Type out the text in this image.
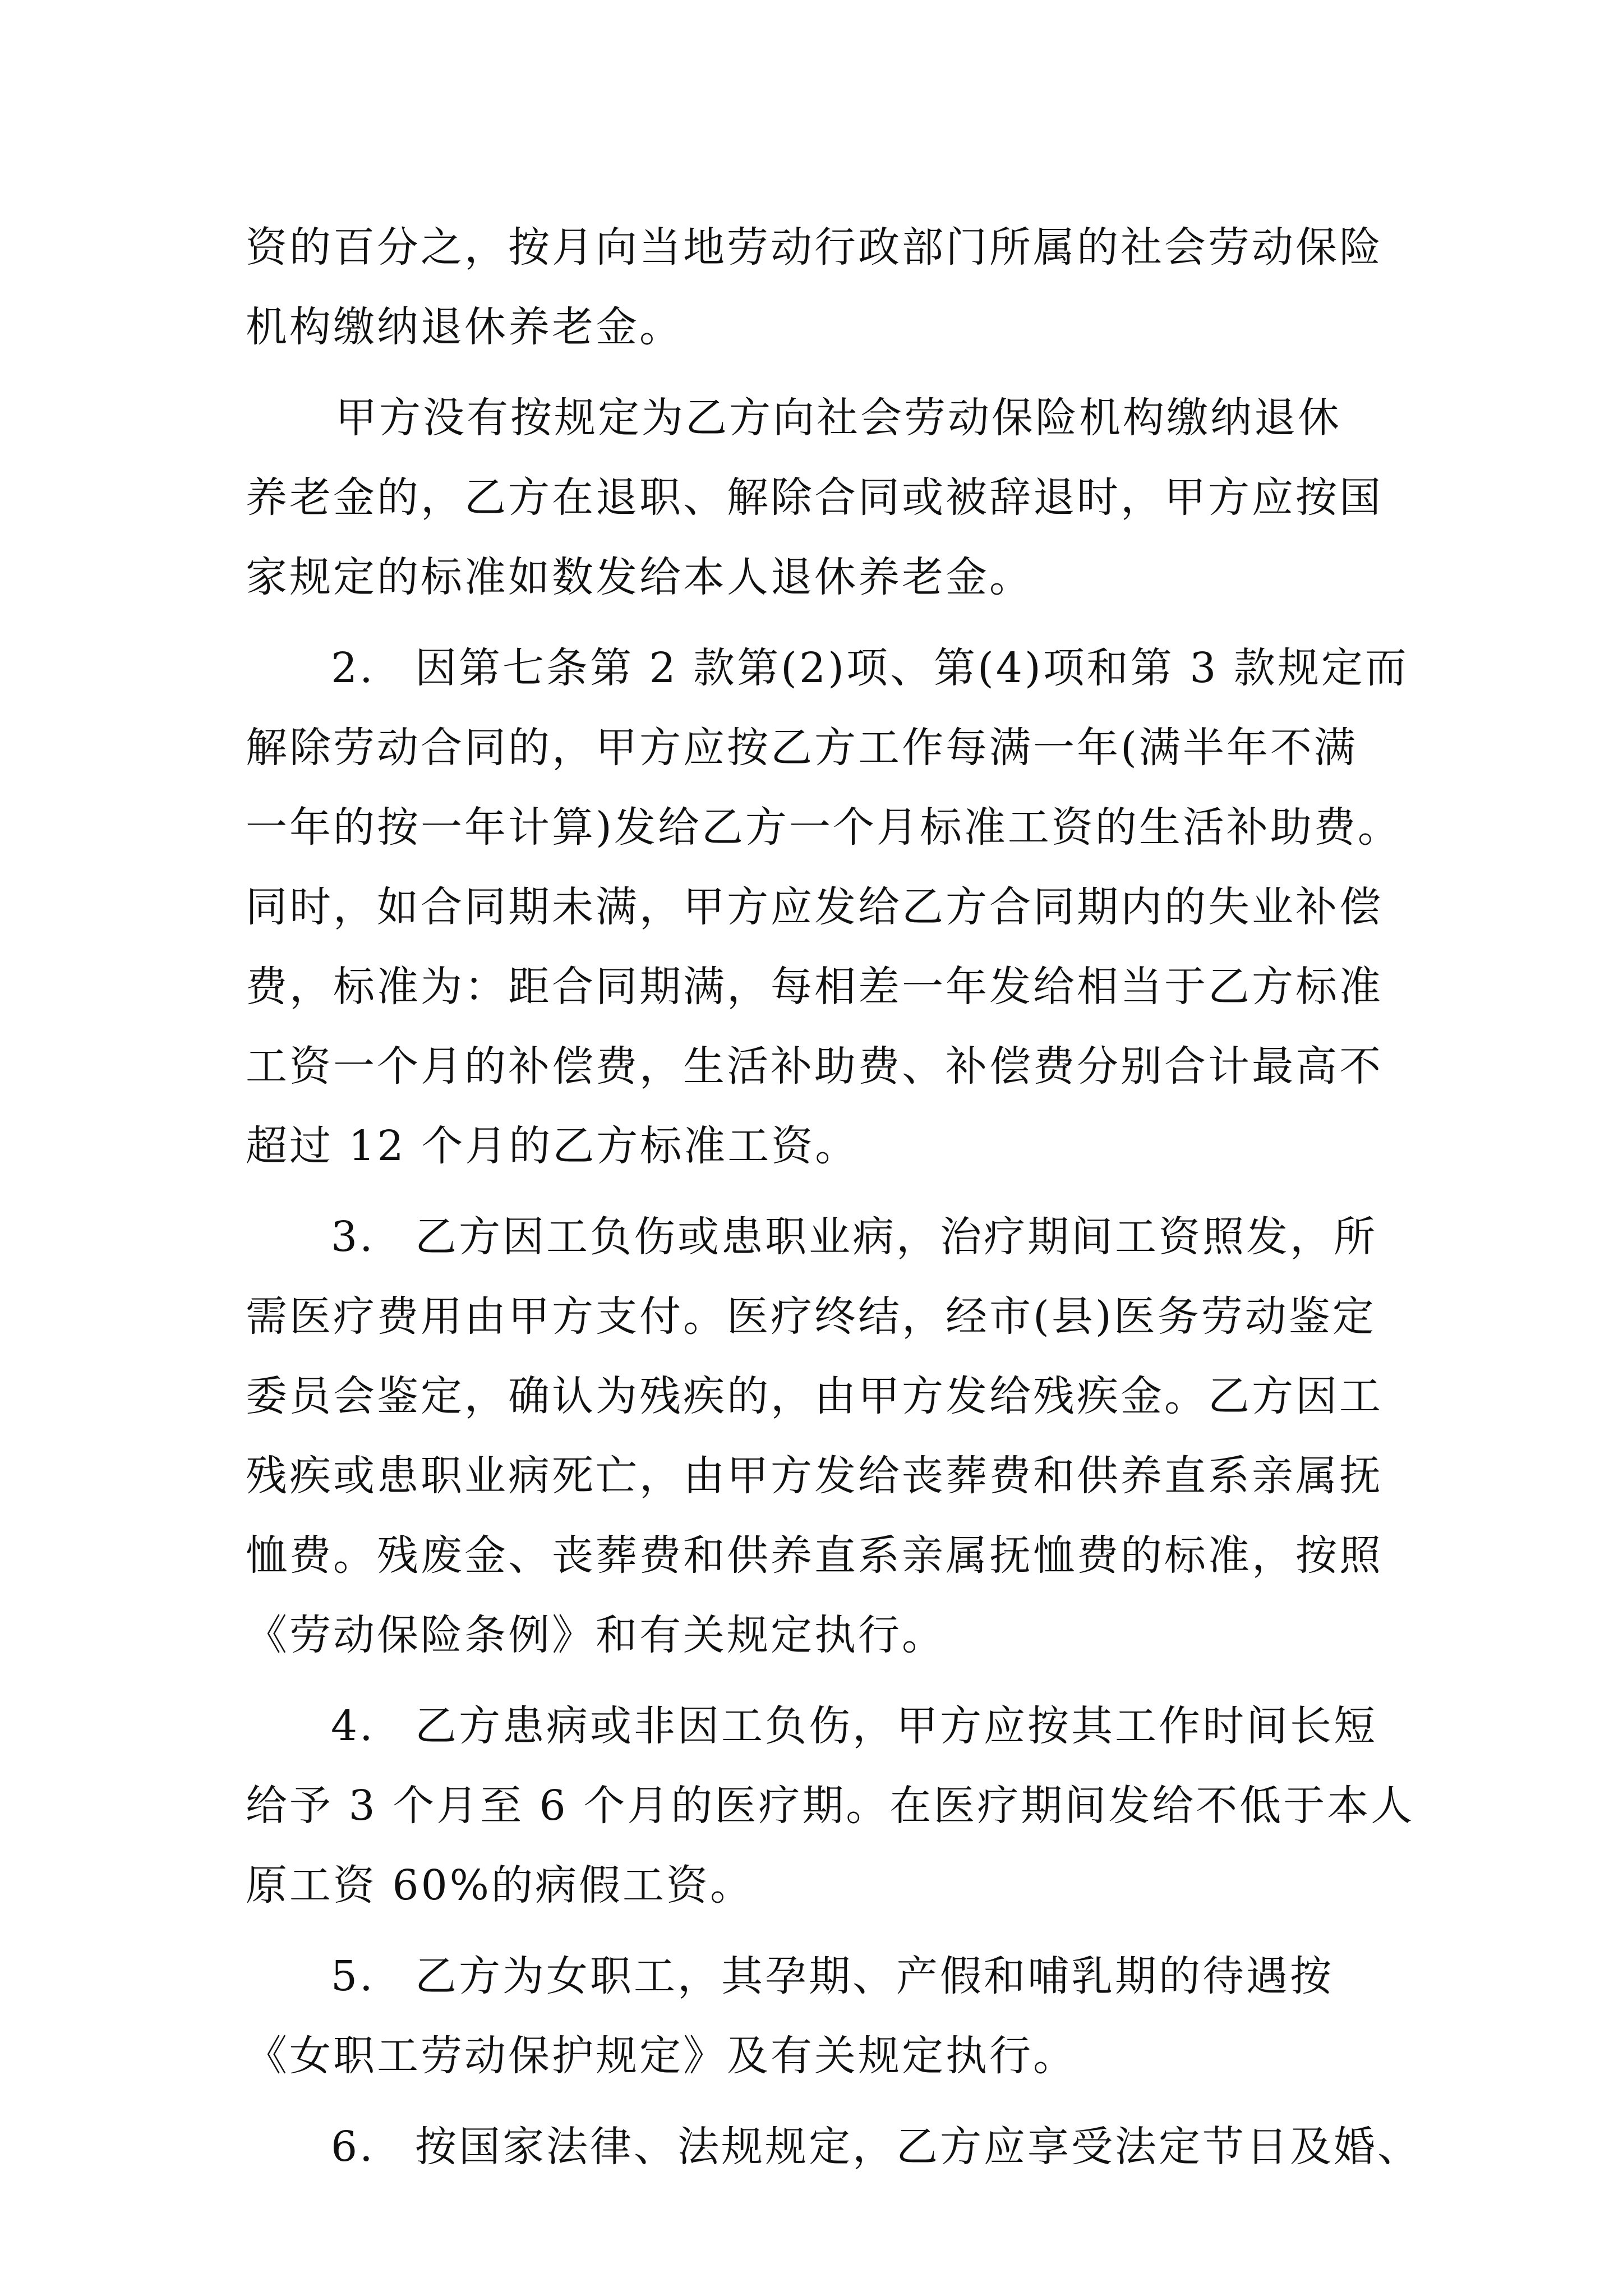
资的百分之，按月向当地劳动行政部门所属的社会劳动保险
机构缴纳退休养老金。
甲方没有按规定为乙方向社会劳动保险机构缴纳退休
养老金的，乙方在退职、解除合同或被辞退时，甲方应按国
家规定的标准如数发给本人退休养老金。
2. 因第七条第 2 款第(2)项、第(4)项和第 3 款规定而
解除劳动合同的，甲方应按乙方工作每满一年(满半年不满
一年的按一年计算)发给乙方一个月标准工资的生活补助费。
同时，如合同期未满，甲方应发给乙方合同期内的失业补偿
费，标准为：距合同期满，每相差一年发给相当于乙方标准
工资一个月的补偿费，生活补助费、补偿费分别合计最高不
超过 12 个月的乙方标准工资。
3. 乙方因工负伤或患职业病，治疗期间工资照发，所
需医疗费用由甲方支付。医疗终结，经市(县)医务劳动鉴定
委员会鉴定，确认为残疾的，由甲方发给残疾金。乙方因工
残疾或患职业病死亡，由甲方发给丧葬费和供养直系亲属抚
恤费。残废金、丧葬费和供养直系亲属抚恤费的标准，按照
《劳动保险条例》和有关规定执行。
4. 乙方患病或非因工负伤，甲方应按其工作时间长短
给予 3 个月至 6 个月的医疗期。在医疗期间发给不低于本人
原工资 60%的病假工资。
5. 乙方为女职工，其孕期、产假和哺乳期的待遇按
《女职工劳动保护规定》及有关规定执行。
6. 按国家法律、法规规定，乙方应享受法定节日及婚、
